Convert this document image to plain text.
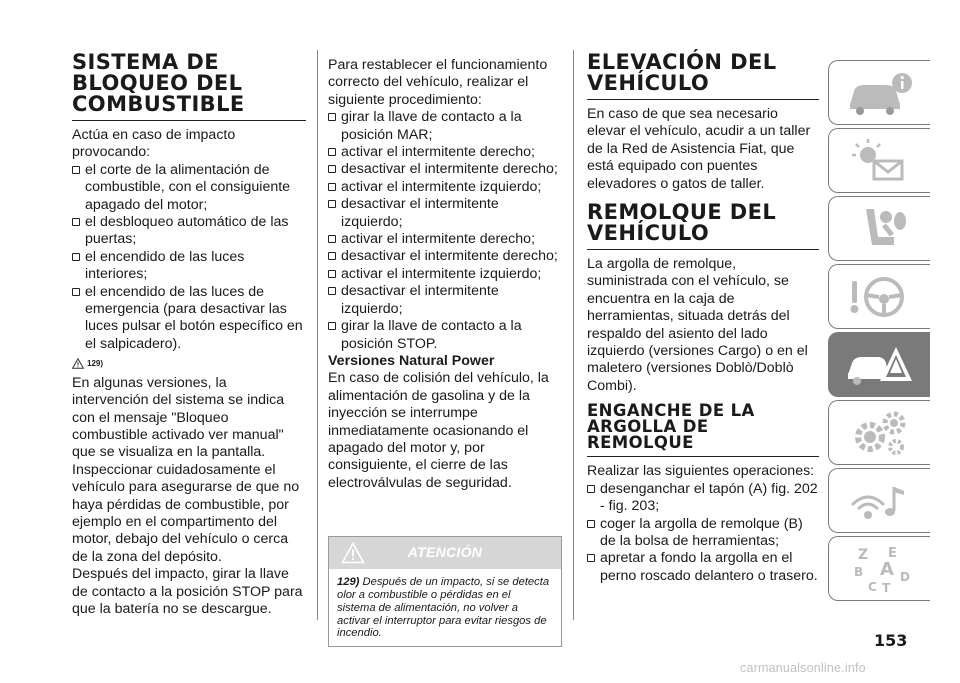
SISTEMA DE BLOQUEO DEL COMBUSTIBLE

Actúa en caso de impacto provocando:

el corte de la alimentación de combustible, con el consiguiente apagado del motor;

el desbloqueo automático de las puertas;

el encendido de las luces interiores;

el encendido de las luces de emergencia (para desactivar las luces pulsar el botón específico en el salpicadero).

129)

En algunas versiones, la intervención del sistema se indica con el mensaje "Bloqueo combustible activado ver manual" que se visualiza en la pantalla. Inspeccionar cuidadosamente el vehículo para asegurarse de que no haya pérdidas de combustible, por ejemplo en el compartimento del motor, debajo del vehículo o cerca de la zona del depósito.

Después del impacto, girar la llave de contacto a la posición STOP para que la batería no se descargue.

Para restablecer el funcionamiento correcto del vehículo, realizar el siguiente procedimiento:

girar la llave de contacto a la posición MAR;

activar el intermitente derecho;

desactivar el intermitente derecho;

activar el intermitente izquierdo;

desactivar el intermitente izquierdo;

activar el intermitente derecho;

desactivar el intermitente derecho;

activar el intermitente izquierdo;

desactivar el intermitente izquierdo;

girar la llave de contacto a la posición STOP.

Versiones Natural Power

En caso de colisión del vehículo, la alimentación de gasolina y de la inyección se interrumpe inmediatamente ocasionando el apagado del motor y, por consiguiente, el cierre de las electroválvulas de seguridad.

ATENCIÓN
129) Después de un impacto, si se detecta olor a combustible o pérdidas en el sistema de alimentación, no volver a activar el interruptor para evitar riesgos de incendio.
ELEVACIÓN DEL VEHÍCULO

En caso de que sea necesario elevar el vehículo, acudir a un taller de la Red de Asistencia Fiat, que está equipado con puentes elevadores o gatos de taller.

REMOLQUE DEL VEHÍCULO

La argolla de remolque, suministrada con el vehículo, se encuentra en la caja de herramientas, situada detrás del respaldo del asiento del lado izquierdo (versiones Cargo) o en el maletero (versiones Doblò/Doblò Combi).

ENGANCHE DE LA ARGOLLA DE REMOLQUE

Realizar las siguientes operaciones:

desenganchar el tapón (A) fig. 202 - fig. 203;

coger la argolla de remolque (B) de la bolsa de herramientas;

apretar a fondo la argolla en el perno roscado delantero o trasero.

Z E
B A
C T
D
153
carmanualsonline.info
